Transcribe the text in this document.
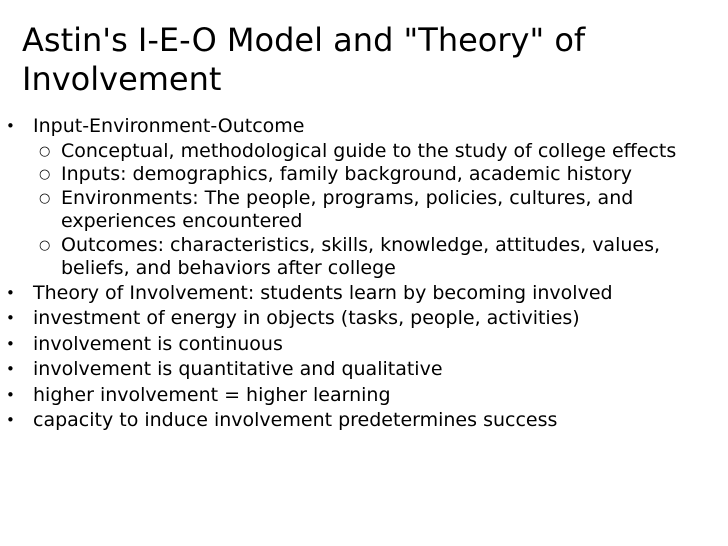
Astin's I-E-O Model and "Theory" of Involvement
• Input-Environment-Outcome
○ Conceptual, methodological guide to the study of college effects
○ Inputs: demographics, family background, academic history
○ Environments: The people, programs, policies, cultures, and experiences encountered
○ Outcomes: characteristics, skills, knowledge, attitudes, values, beliefs, and behaviors after college
• Theory of Involvement: students learn by becoming involved
• investment of energy in objects (tasks, people, activities)
• involvement is continuous
• involvement is quantitative and qualitative
• higher involvement = higher learning
• capacity to induce involvement predetermines success
